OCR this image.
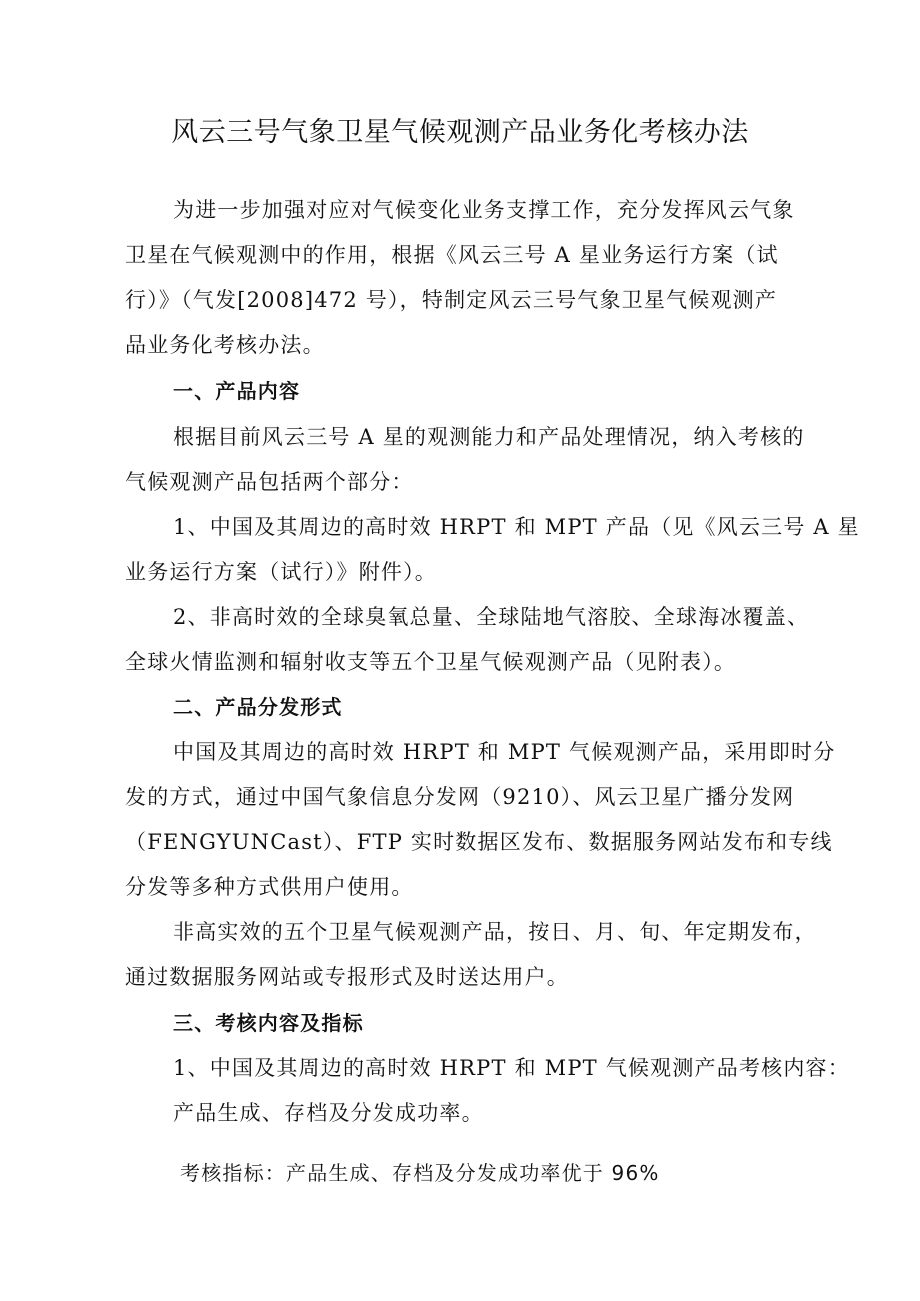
风云三号气象卫星气候观测产品业务化考核办法
为进一步加强对应对气候变化业务支撑工作，充分发挥风云气象
卫星在气候观测中的作用，根据《风云三号 A 星业务运行方案（试
行）》（气发[2008]472 号），特制定风云三号气象卫星气候观测产
品业务化考核办法。
一、产品内容
根据目前风云三号 A 星的观测能力和产品处理情况，纳入考核的
气候观测产品包括两个部分：
1、中国及其周边的高时效 HRPT 和 MPT 产品（见《风云三号 A 星
业务运行方案（试行）》附件）。
2、非高时效的全球臭氧总量、全球陆地气溶胶、全球海冰覆盖、
全球火情监测和辐射收支等五个卫星气候观测产品（见附表）。
二、产品分发形式
中国及其周边的高时效 HRPT 和 MPT 气候观测产品，采用即时分
发的方式，通过中国气象信息分发网（9210）、风云卫星广播分发网
（FENGYUNCast）、FTP 实时数据区发布、数据服务网站发布和专线
分发等多种方式供用户使用。
非高实效的五个卫星气候观测产品，按日、月、旬、年定期发布，
通过数据服务网站或专报形式及时送达用户。
三、考核内容及指标
1、中国及其周边的高时效 HRPT 和 MPT 气候观测产品考核内容：
产品生成、存档及分发成功率。
考核指标：产品生成、存档及分发成功率优于 96%
